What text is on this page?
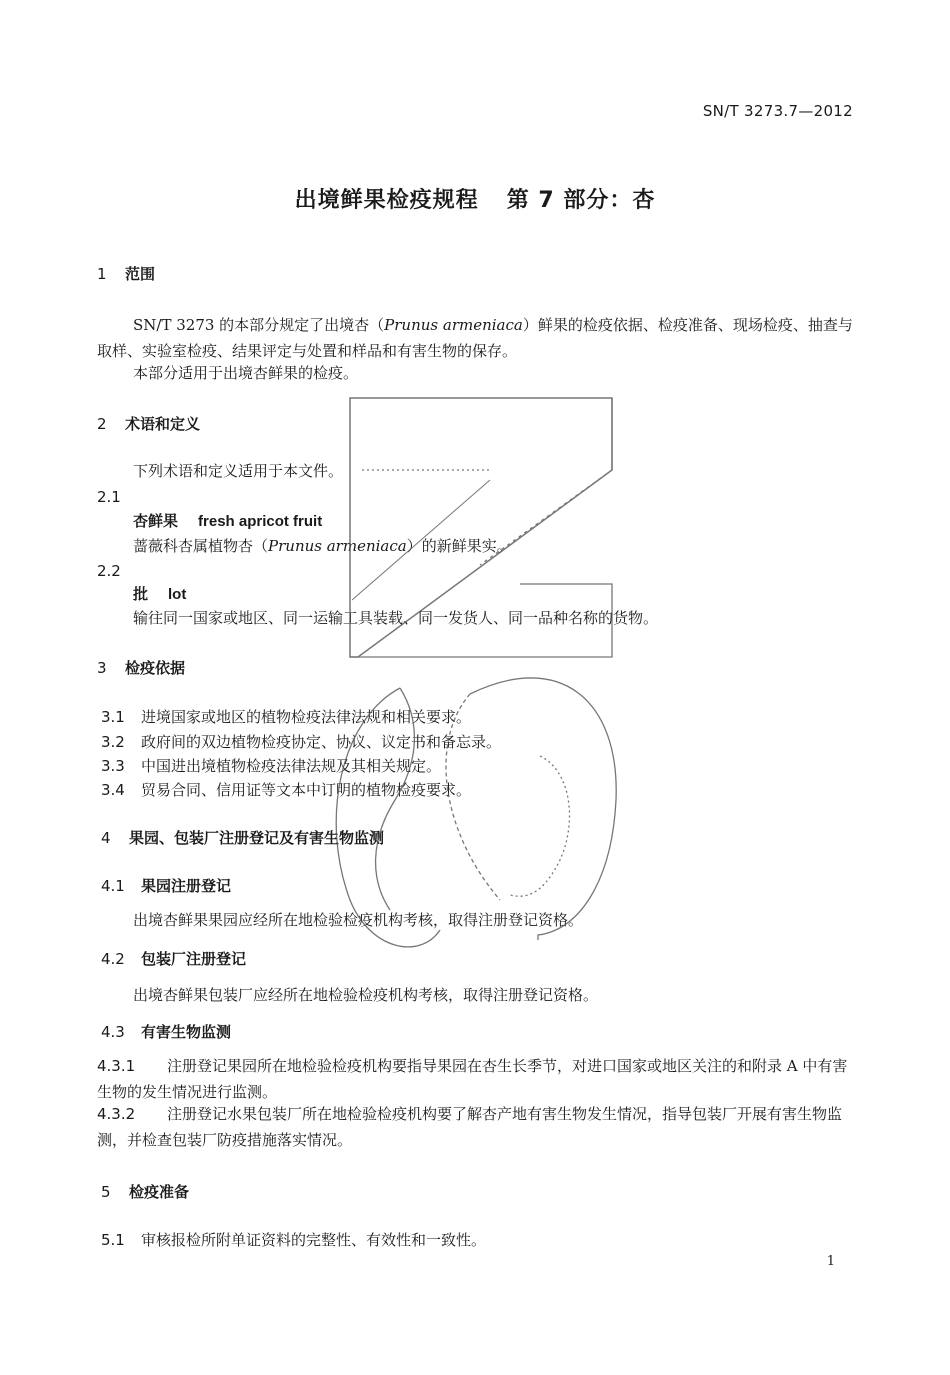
SN/T 3273.7—2012
出境鲜果检疫规程 第 7 部分：杏
1 范围
SN/T 3273 的本部分规定了出境杏（Prunus armeniaca）鲜果的检疫依据、检疫准备、现场检疫、抽查与取样、实验室检疫、结果评定与处置和样品和有害生物的保存。
本部分适用于出境杏鲜果的检疫。
2 术语和定义
下列术语和定义适用于本文件。
2.1
杏鲜果 fresh apricot fruit
蔷薇科杏属植物杏（Prunus armeniaca）的新鲜果实。
2.2
批 lot
输往同一国家或地区、同一运输工具装载、同一发货人、同一品种名称的货物。
3 检疫依据
3.1 进境国家或地区的植物检疫法律法规和相关要求。
3.2 政府间的双边植物检疫协定、协议、议定书和备忘录。
3.3 中国进出境植物检疫法律法规及其相关规定。
3.4 贸易合同、信用证等文本中订明的植物检疫要求。
4 果园、包装厂注册登记及有害生物监测
4.1 果园注册登记
出境杏鲜果果园应经所在地检验检疫机构考核，取得注册登记资格。
4.2 包装厂注册登记
出境杏鲜果包装厂应经所在地检验检疫机构考核，取得注册登记资格。
4.3 有害生物监测
4.3.1 注册登记果园所在地检验检疫机构要指导果园在杏生长季节，对进口国家或地区关注的和附录 A 中有害生物的发生情况进行监测。
4.3.2 注册登记水果包装厂所在地检验检疫机构要了解杏产地有害生物发生情况，指导包装厂开展有害生物监测，并检查包装厂防疫措施落实情况。
5 检疫准备
5.1 审核报检所附单证资料的完整性、有效性和一致性。
1
